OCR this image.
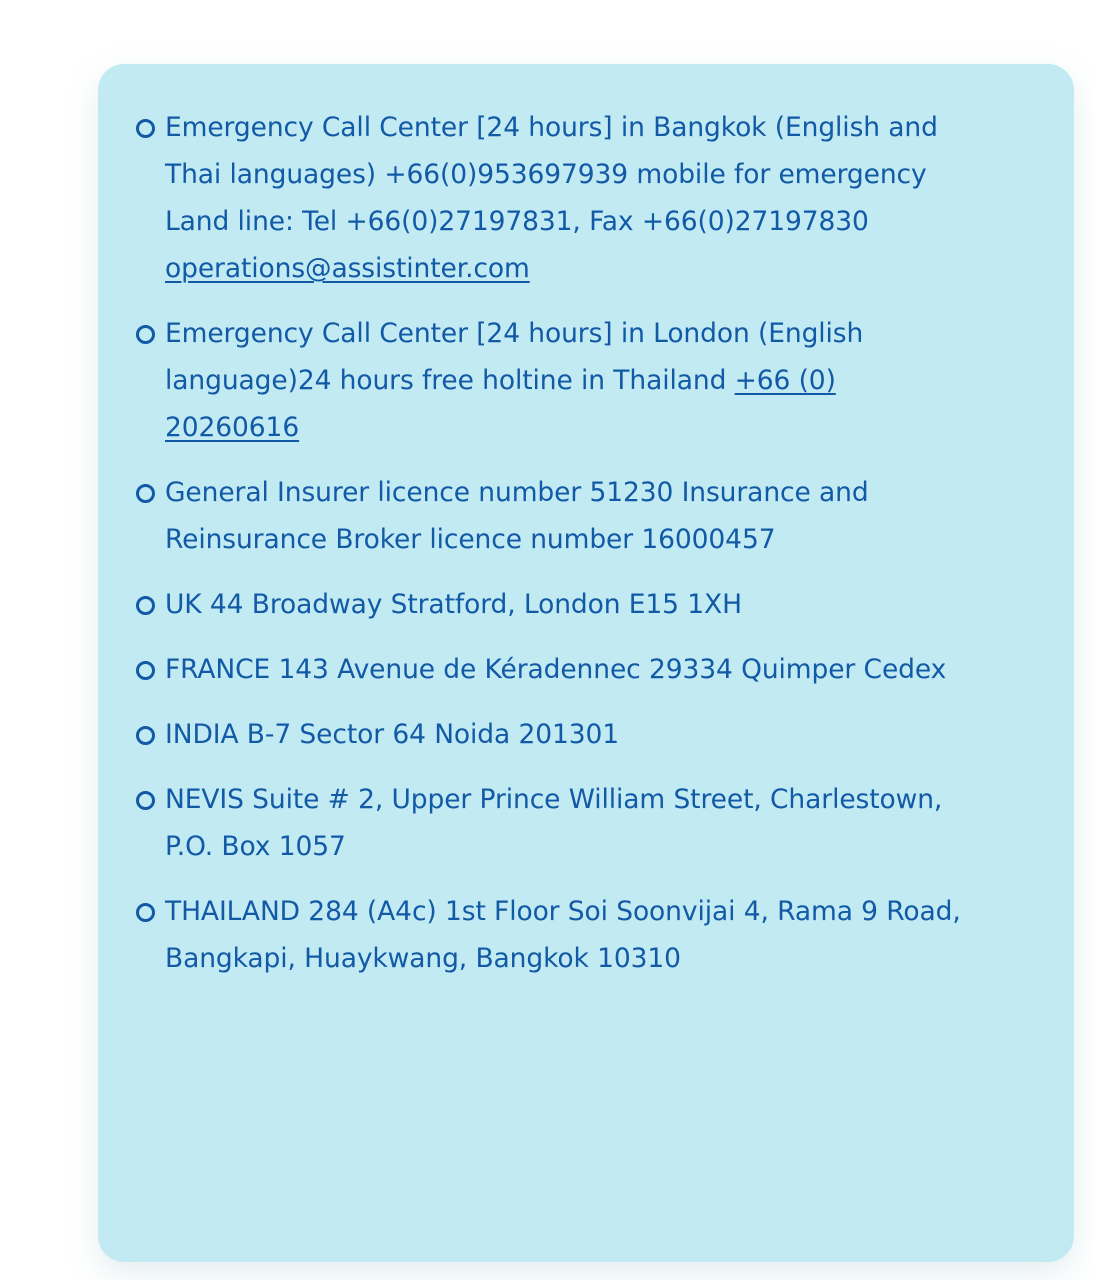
Emergency Call Center [24 hours] in Bangkok (English and
Thai languages) +66(0)953697939 mobile for emergency
Land line: Tel +66(0)27197831, Fax +66(0)27197830
operations@assistinter.com
Emergency Call Center [24 hours] in London (English
language)24 hours free holtine in Thailand +66 (0)
20260616
General Insurer licence number 51230 Insurance and
Reinsurance Broker licence number 16000457
UK 44 Broadway Stratford, London E15 1XH
FRANCE 143 Avenue de Kéradennec 29334 Quimper Cedex
INDIA B-7 Sector 64 Noida 201301
NEVIS Suite # 2, Upper Prince William Street, Charlestown,
P.O. Box 1057
THAILAND 284 (A4c) 1st Floor Soi Soonvijai 4, Rama 9 Road,
Bangkapi, Huaykwang, Bangkok 10310
